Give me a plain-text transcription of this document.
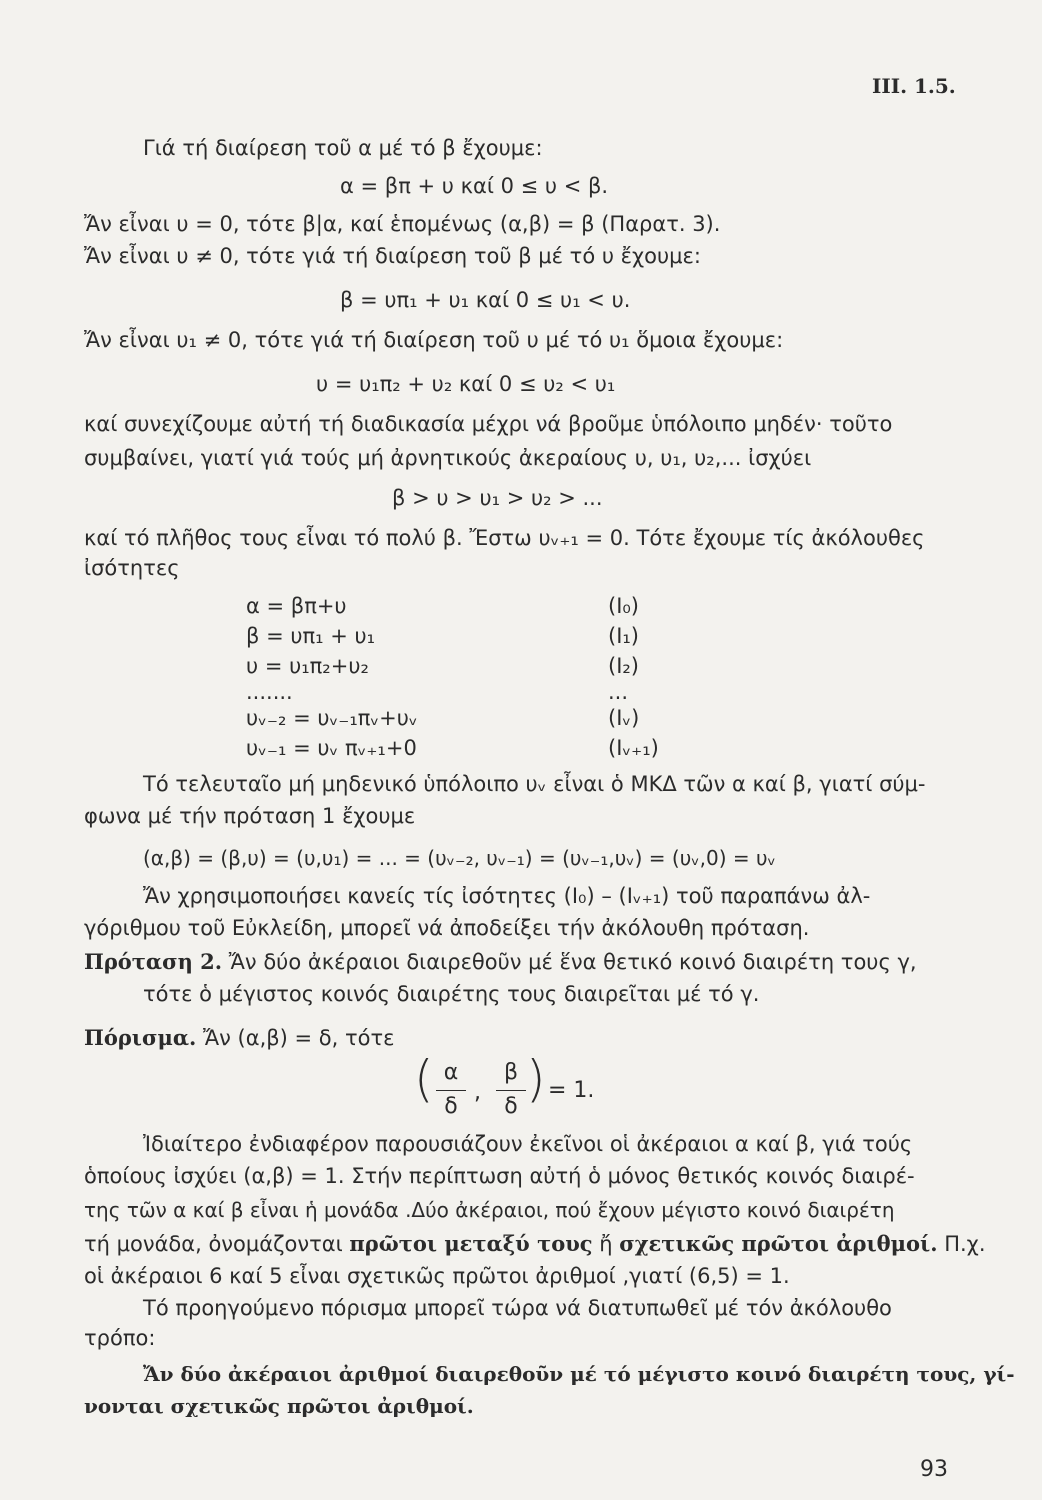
III. 1.5.
Γιά τή διαίρεση τοῦ α μέ τό β ἔχουμε:
α = βπ + υ καί 0 ≤ υ < β.
Ἄν εἶναι υ = 0, τότε β|α, καί ἑπομένως (α,β) = β (Παρατ. 3).
Ἄν εἶναι υ ≠ 0, τότε γιά τή διαίρεση τοῦ β μέ τό υ ἔχουμε:
β = υπ₁ + υ₁ καί 0 ≤ υ₁ < υ.
Ἄν εἶναι υ₁ ≠ 0, τότε γιά τή διαίρεση τοῦ υ μέ τό υ₁ ὅμοια ἔχουμε:
υ = υ₁π₂ + υ₂ καί 0 ≤ υ₂ < υ₁
καί συνεχίζουμε αὐτή τή διαδικασία μέχρι νά βροῦμε ὑπόλοιπο μηδέν· τοῦτο
συμβαίνει, γιατί γιά τούς μή ἀρνητικούς ἀκεραίους υ, υ₁, υ₂,... ἰσχύει
β > υ > υ₁ > υ₂ > ...
καί τό πλῆθος τους εἶναι τό πολύ β. Ἔστω υᵥ₊₁ = 0. Τότε ἔχουμε τίς ἀκόλουθες
ἰσότητες
α = βπ+υ	(I₀)
β = υπ₁ + υ₁	(I₁)
υ = υ₁π₂+υ₂	(I₂)
.......	...
υᵥ₋₂ = υᵥ₋₁πᵥ+υᵥ	(Iᵥ)
υᵥ₋₁ = υᵥ πᵥ₊₁+0	(Iᵥ₊₁)
Τό τελευταῖο μή μηδενικό ὑπόλοιπο υᵥ εἶναι ὁ ΜΚΔ τῶν α καί β, γιατί σύμ-
φωνα μέ τήν πρόταση 1 ἔχουμε
(α,β) = (β,υ) = (υ,υ₁) = ... = (υᵥ₋₂, υᵥ₋₁) = (υᵥ₋₁,υᵥ) = (υᵥ,0) = υᵥ
Ἄν χρησιμοποιήσει κανείς τίς ἰσότητες (I₀) – (Iᵥ₊₁) τοῦ παραπάνω ἀλ-
γόριθμου τοῦ Εὐκλείδη, μπορεῖ νά ἀποδείξει τήν ἀκόλουθη πρόταση.
Πρόταση 2. Ἄν δύο ἀκέραιοι διαιρεθοῦν μέ ἕνα θετικό κοινό διαιρέτη τους γ,
τότε ὁ μέγιστος κοινός διαιρέτης τους διαιρεῖται μέ τό γ.
Πόρισμα. Ἄν (α,β) = δ, τότε
( α
δ
,
β
δ ) = 1.
Ἰδιαίτερο ἐνδιαφέρον παρουσιάζουν ἐκεῖνοι οἱ ἀκέραιοι α καί β, γιά τούς
ὁποίους ἰσχύει (α,β) = 1. Στήν περίπτωση αὐτή ὁ μόνος θετικός κοινός διαιρέ-
της τῶν α καί β εἶναι ἡ μονάδα .Δύο ἀκέραιοι, πού ἔχουν μέγιστο κοινό διαιρέτη
τή μονάδα, ὀνομάζονται πρῶτοι μεταξύ τους ἤ σχετικῶς πρῶτοι ἀριθμοί. Π.χ.
οἱ ἀκέραιοι 6 καί 5 εἶναι σχετικῶς πρῶτοι ἀριθμοί ,γιατί (6,5) = 1.
Τό προηγούμενο πόρισμα μπορεῖ τώρα νά διατυπωθεῖ μέ τόν ἀκόλουθο
τρόπο:
Ἄν δύο ἀκέραιοι ἀριθμοί διαιρεθοῦν μέ τό μέγιστο κοινό διαιρέτη τους, γί-
νονται σχετικῶς πρῶτοι ἀριθμοί.
93
